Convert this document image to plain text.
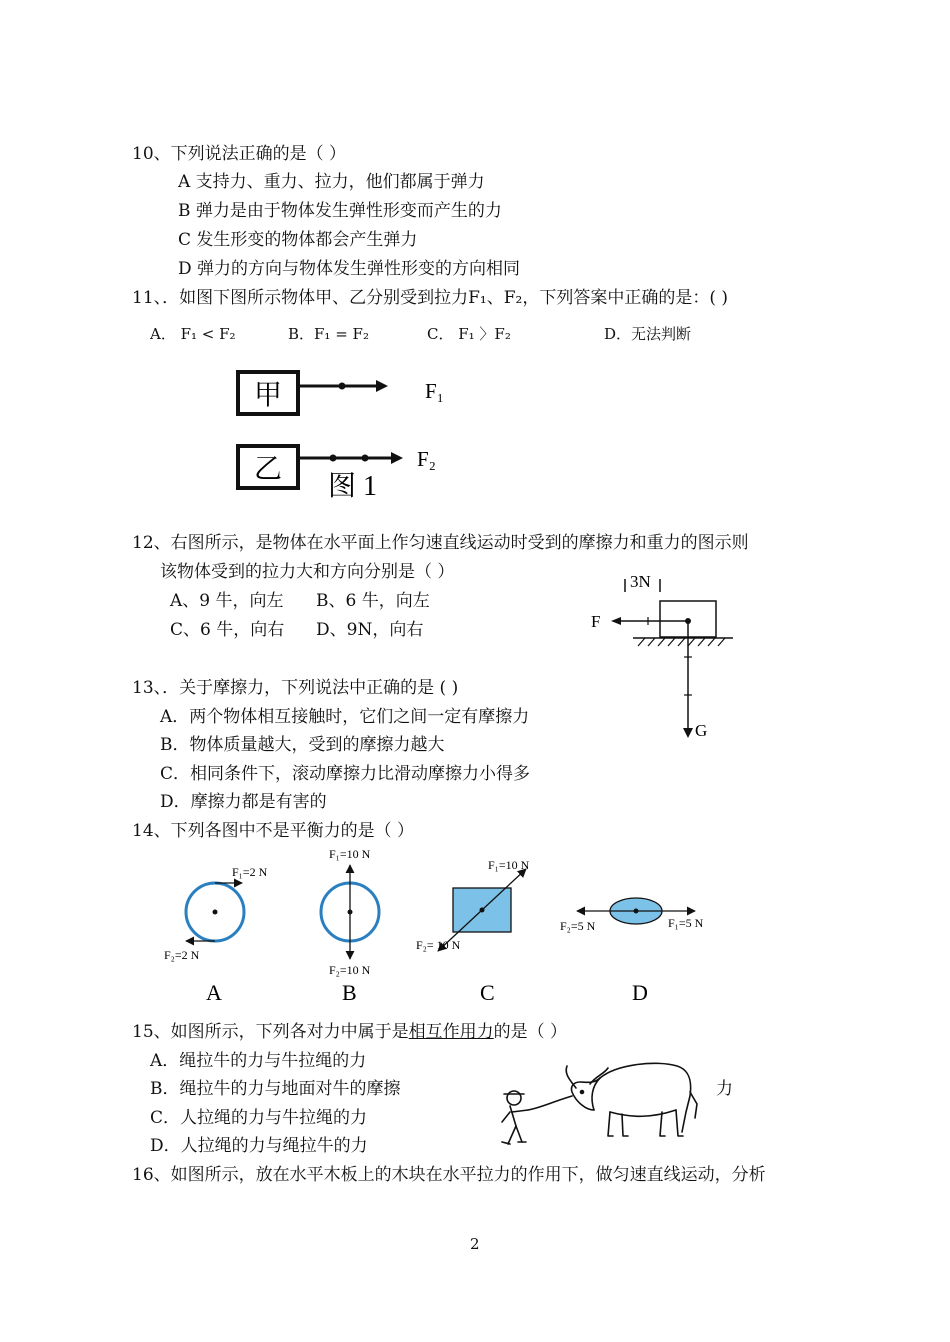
10、下列说法正确的是（ ）
A 支持力、重力、拉力，他们都属于弹力
B 弹力是由于物体发生弹性形变而产生的力
C 发生形变的物体都会产生弹力
D 弹力的方向与物体发生弹性形变的方向相同
11、．如图下图所示物体甲、乙分别受到拉力F₁、F₂，下列答案中正确的是：( )
A． F₁ < F₂	B．F₁ = F₂	C． F₁ 〉F₂	D．无法判断
甲	F₁
乙	F₂
图 1
12、右图所示，是物体在水平面上作匀速直线运动时受到的摩擦力和重力的图示则
该物体受到的拉力大和方向分别是（ ）
A、9 牛，向左 B、6 牛，向左
C、6 牛，向右 D、9N，向右
3N
F
G
13、．关于摩擦力，下列说法中正确的是 ( )
A．两个物体相互接触时，它们之间一定有摩擦力
B．物体质量越大，受到的摩擦力越大
C．相同条件下，滚动摩擦力比滑动摩擦力小得多
D．摩擦力都是有害的
14、下列各图中不是平衡力的是（ ）
F₁=2 N
F₂=2 N
A
F₁=10 N
F₂=10 N
B
F₁=10 N
F₂= 10 N
C
F₂=5 N	F₁=5 N
D
15、如图所示，下列各对力中属于是相互作用力的是（ ）
A．绳拉牛的力与牛拉绳的力
B．绳拉牛的力与地面对牛的摩擦	力
C．人拉绳的力与牛拉绳的力
D．人拉绳的力与绳拉牛的力
16、如图所示，放在水平木板上的木块在水平拉力的作用下，做匀速直线运动，分析
2
